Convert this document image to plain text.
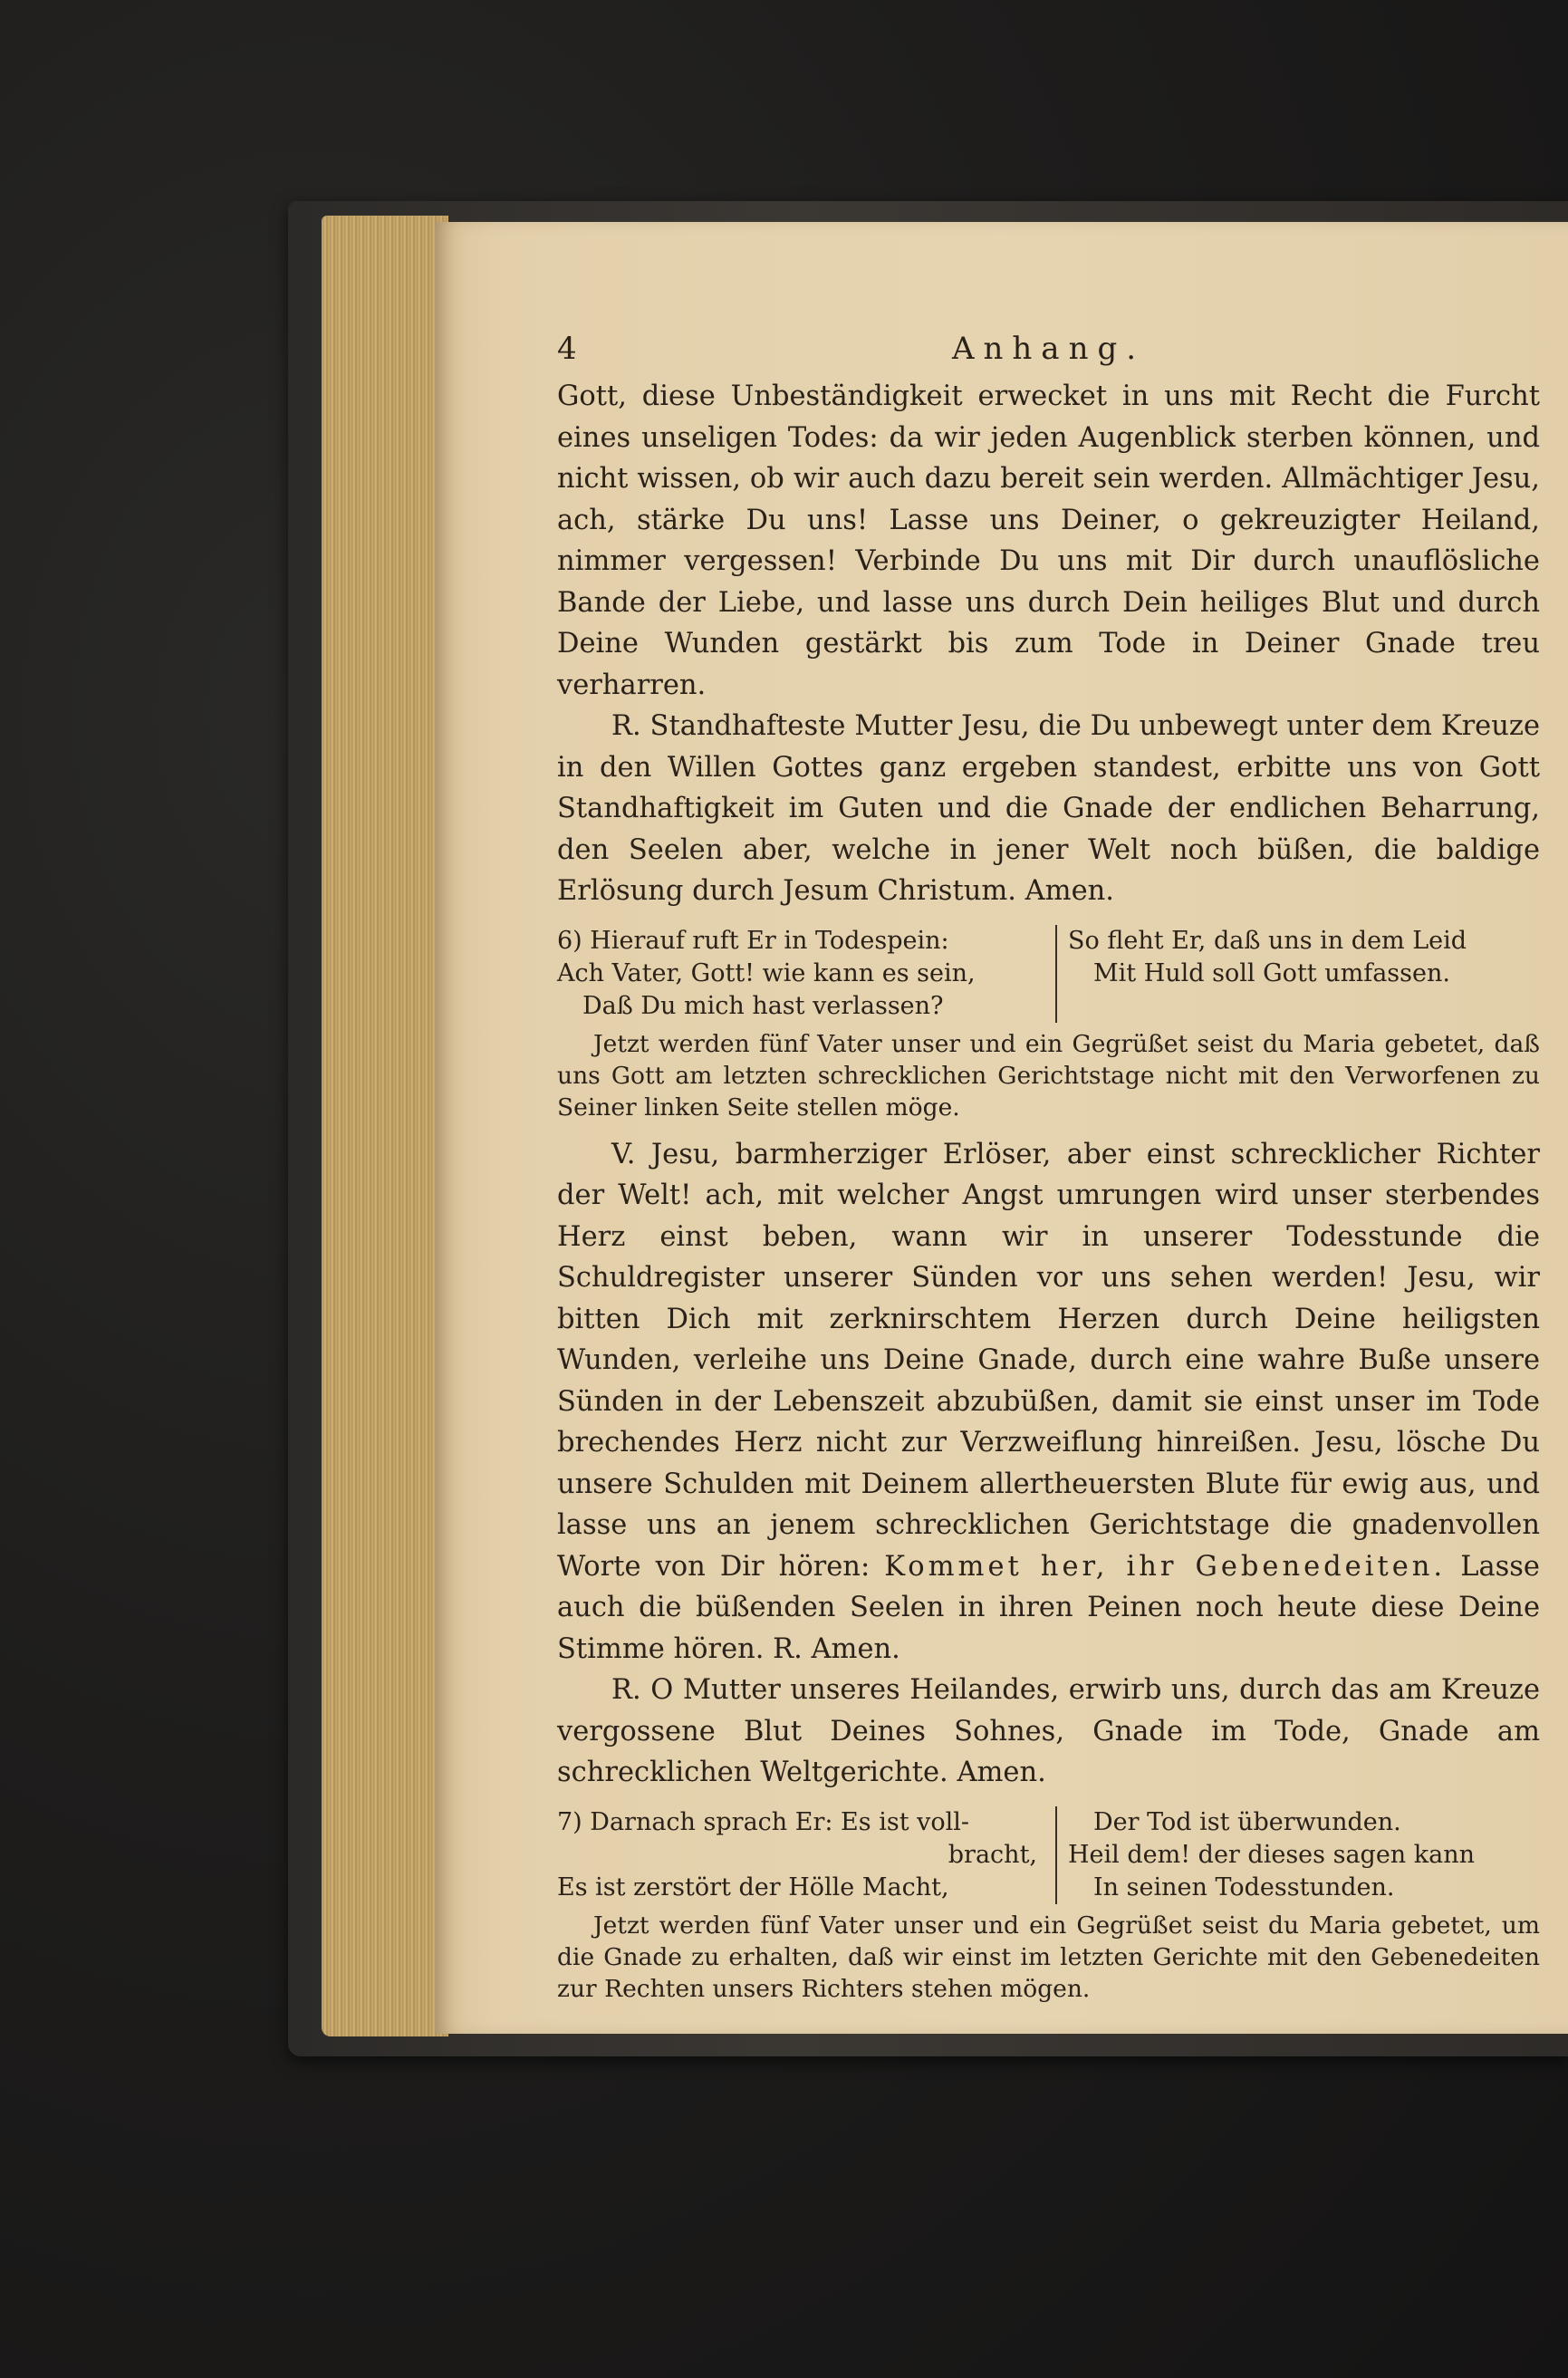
4	Anhang.

Gott, diese Unbeständigkeit erwecket in uns mit Recht die Furcht eines unseligen Todes: da wir jeden Augenblick sterben können, und nicht wissen, ob wir auch dazu bereit sein werden. Allmächtiger Jesu, ach, stärke Du uns! Lasse uns Deiner, o gekreuzigter Heiland, nimmer vergessen! Verbinde Du uns mit Dir durch unauflösliche Bande der Liebe, und lasse uns durch Dein heiliges Blut und durch Deine Wunden gestärkt bis zum Tode in Deiner Gnade treu verharren.

R. Standhafteste Mutter Jesu, die Du unbewegt unter dem Kreuze in den Willen Gottes ganz ergeben standest, erbitte uns von Gott Standhaftigkeit im Guten und die Gnade der endlichen Beharrung, den Seelen aber, welche in jener Welt noch büßen, die baldige Erlösung durch Jesum Christum. Amen.

6) Hierauf ruft Er in Todespein:
Ach Vater, Gott! wie kann es sein,
Daß Du mich hast verlassen?
So fleht Er, daß uns in dem Leid
Mit Huld soll Gott umfassen.

Jetzt werden fünf Vater unser und ein Gegrüßet seist du Maria gebetet, daß uns Gott am letzten schrecklichen Gerichtstage nicht mit den Verworfenen zu Seiner linken Seite stellen möge.

V. Jesu, barmherziger Erlöser, aber einst schrecklicher Richter der Welt! ach, mit welcher Angst umrungen wird unser sterbendes Herz einst beben, wann wir in unserer Todesstunde die Schuldregister unserer Sünden vor uns sehen werden! Jesu, wir bitten Dich mit zerknirschtem Herzen durch Deine heiligsten Wunden, verleihe uns Deine Gnade, durch eine wahre Buße unsere Sünden in der Lebenszeit abzubüßen, damit sie einst unser im Tode brechendes Herz nicht zur Verzweiflung hinreißen. Jesu, lösche Du unsere Schulden mit Deinem allertheuersten Blute für ewig aus, und lasse uns an jenem schrecklichen Gerichtstage die gnadenvollen Worte von Dir hören: Kommet her, ihr Gebenedeiten. Lasse auch die büßenden Seelen in ihren Peinen noch heute diese Deine Stimme hören. R. Amen.

R. O Mutter unseres Heilandes, erwirb uns, durch das am Kreuze vergossene Blut Deines Sohnes, Gnade im Tode, Gnade am schrecklichen Weltgerichte. Amen.

7) Darnach sprach Er: Es ist voll-
bracht,
Es ist zerstört der Hölle Macht,
Der Tod ist überwunden.
Heil dem! der dieses sagen kann
In seinen Todesstunden.

Jetzt werden fünf Vater unser und ein Gegrüßet seist du Maria gebetet, um die Gnade zu erhalten, daß wir einst im letzten Gerichte mit den Gebenedeiten zur Rechten unsers Richters stehen mögen.
